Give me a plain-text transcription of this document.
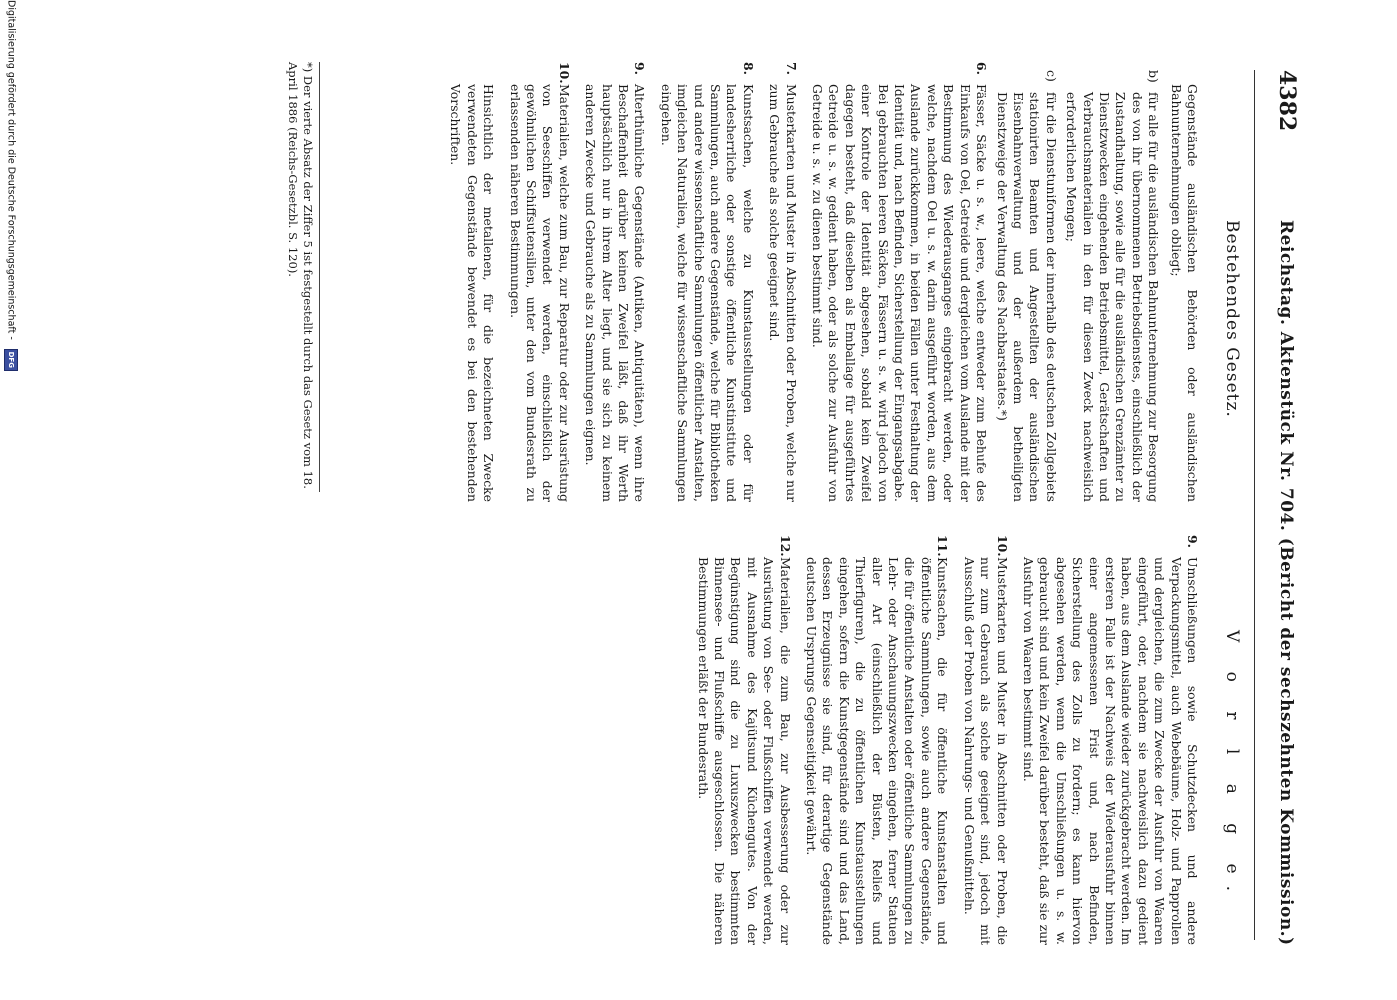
4382
Reichstag. Aktenstück Nr. 704. (Bericht der sechszehnten Kommission.)
Bestehendes Gesetz.
V o r l a g e.

Gegenstände ausländischen Behörden oder ausländischen Bahnunternehmungen obliegt;

b)
für alle für die ausländischen Bahnunternehmung zur Besorgung des von ihr übernommenen Betriebsdienstes, einschließlich der Zustandhaltung, sowie alle für die ausländischen Grenzämter zu Dienstzwecken eingehenden Betriebsmittel, Gerätschaften und Verbrauchsmaterialien in den für diesen Zweck nachweislich erforderlichen Mengen;
c)
für die Dienstuniformen der innerhalb des deutschen Zollgebiets stationirten Beamten und Angestellten der ausländischen Eisenbahnverwaltung und der außerdem betheiligten Dienstzweige der Verwaltung des Nachbarstaates.*)
6.
Fässer, Säcke u. s. w., leere, welche entweder zum Behufe des Einkaufs von Oel, Getreide und dergleichen vom Auslande mit der Bestimmung des Wiederausganges eingebracht werden, oder welche, nachdem Oel u. s. w. darin ausgeführt worden, aus dem Auslande zurückkommen, in beiden Fällen unter Festhaltung der Identität und, nach Befinden, Sicherstellung der Eingangsabgabe. Bei gebrauchten leeren Säcken, Fässern u. s. w. wird jedoch von einer Kontrole der Identität abgesehen, sobald kein Zweifel dagegen besteht, daß dieselben als Emballage für ausgeführtes Getreide u. s. w. gedient haben, oder als solche zur Ausfuhr von Getreide u. s. w. zu dienen bestimmt sind.
7.
Musterkarten und Muster in Abschnitten oder Proben, welche nur zum Gebrauche als solche geeignet sind.
8.
Kunstsachen, welche zu Kunstausstellungen oder für landesherrliche oder sonstige öffentliche Kunstinstitute und Sammlungen, auch andere Gegenstände, welche für Bibliotheken und andere wissenschaftliche Sammlungen öffentlicher Anstalten, imgleichen Naturalien, welche für wissenschaftliche Sammlungen eingehen.
9.
Alterthümliche Gegenstände (Antiken, Antiquitäten), wenn ihre Beschaffenheit darüber keinen Zweifel läßt, daß ihr Werth hauptsächlich nur in ihrem Alter liegt, und sie sich zu keinem anderen Zwecke und Gebrauche als zu Sammlungen eignen.
10.
Materialien, welche zum Bau, zur Reparatur oder zur Ausrüstung von Seeschiffen verwendet werden, einschließlich der gewöhnlichen Schiffsutensilien, unter den vom Bundesrath zu erlassenden näheren Bestimmungen.

Hinsichtlich der metallenen, für die bezeichneten Zwecke verwendeten Gegenstände bewendet es bei den bestehenden Vorschriften.

9.
Umschließungen sowie Schutzdecken und andere Verpackungsmittel, auch Webebäume, Holz- und Papprollen und dergleichen, die zum Zwecke der Ausfuhr von Waaren eingeführt, oder, nachdem sie nachweislich dazu gedient haben, aus dem Auslande wieder zurückgebracht werden. Im ersteren Falle ist der Nachweis der Wiederausfuhr binnen einer angemessenen Frist und, nach Befinden, Sicherstellung des Zolls zu fordern; es kann hiervon abgesehen werden, wenn die Umschließungen u. s. w. gebraucht sind und kein Zweifel darüber besteht, daß sie zur Ausfuhr von Waaren bestimmt sind.
10.
Musterkarten und Muster in Abschnitten oder Proben, die nur zum Gebrauch als solche geeignet sind, jedoch mit Ausschluß der Proben von Nahrungs- und Genußmitteln.
11.
Kunstsachen, die für öffentliche Kunstanstalten und öffentliche Sammlungen, sowie auch andere Gegenstände, die für öffentliche Anstalten oder öffentliche Sammlungen zu Lehr- oder Anschauungszwecken eingehen, ferner Statuen aller Art (einschließlich der Büsten, Reliefs und Thierfiguren), die zu öffentlichen Kunstausstellungen eingehen, sofern die Kunstgegenstände sind und das Land, dessen Erzeugnisse sie sind, für derartige Gegenstände deutschen Ursprungs Gegenseitigkeit gewährt.
12.
Materialien, die zum Bau, zur Ausbesserung oder zur Ausrüstung von See- oder Flußschiffen verwendet werden, mit Ausnahme des Kajütsund Küchengutes. Von der Begünstigung sind die zu Luxuszwecken bestimmten Binnensee- und Flußschiffe ausgeschlossen. Die näheren Bestimmungen erläßt der Bundesrath.
*) Der vierte Absatz der Ziffer 5 ist festgestellt durch das Gesetz vom 18. April 1886 (Reichs-Gesetzbl. S. 120).
Digitalisierung gefördert durch die Deutsche Forschungsgemeinschaft - DFG
